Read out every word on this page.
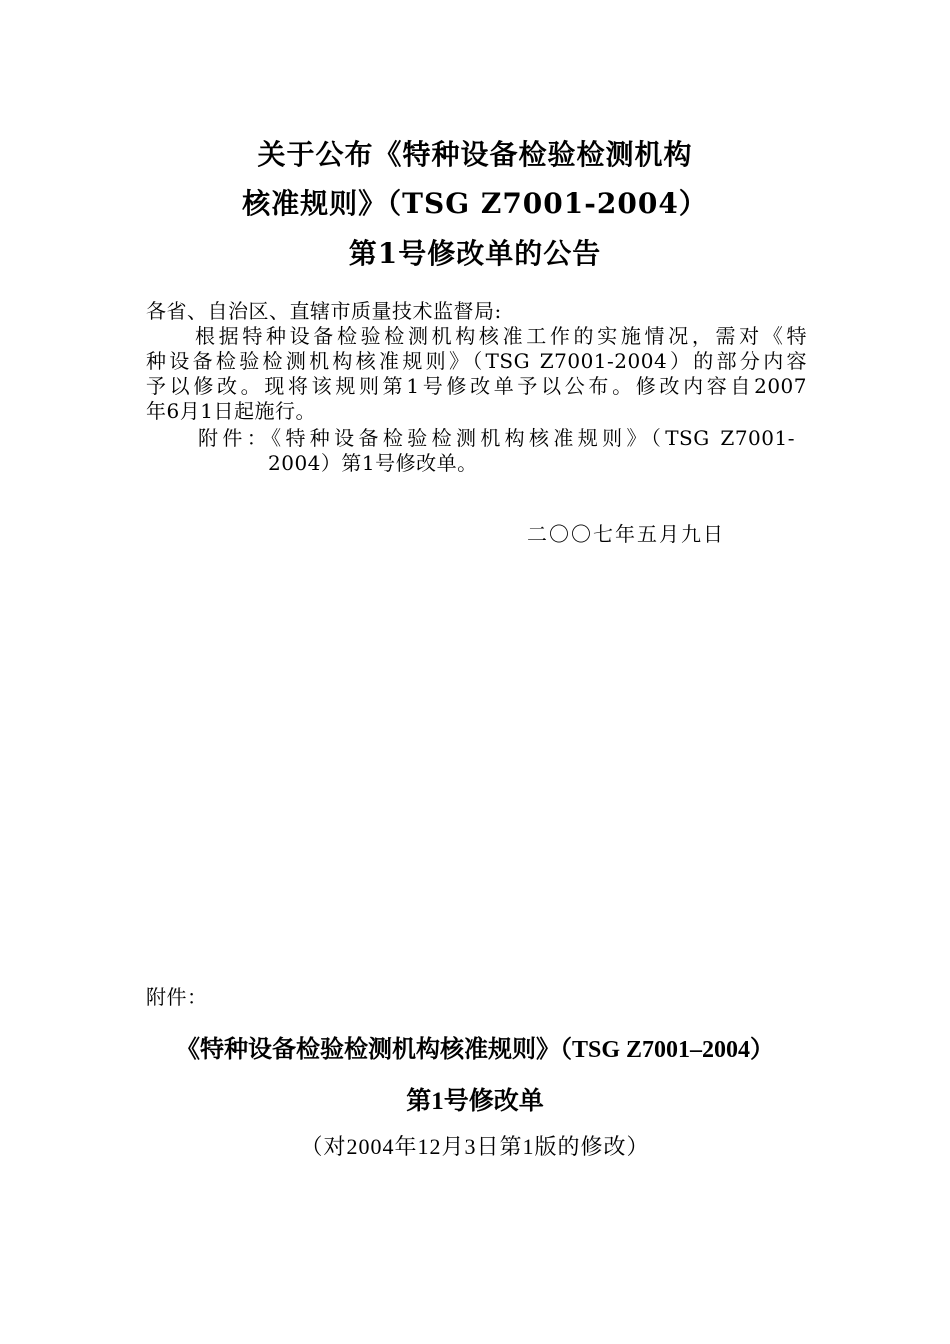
关于公布《特种设备检验检测机构
核准规则》（TSG Z7001-2004）
第1号修改单的公告
各省、自治区、直辖市质量技术监督局:
根据特种设备检验检测机构核准工作的实施情况，需对《特
种设备检验检测机构核准规则》（TSG Z7001-2004）的部分内容
予以修改。现将该规则第1号修改单予以公布。修改内容自2007
年6月1日起施行。
附件：《特种设备检验检测机构核准规则》（TSG Z7001-
2004）第1号修改单。
二〇〇七年五月九日
附件：
《特种设备检验检测机构核准规则》（TSG Z7001–2004）
第1号修改单
（对2004年12月3日第1版的修改）
